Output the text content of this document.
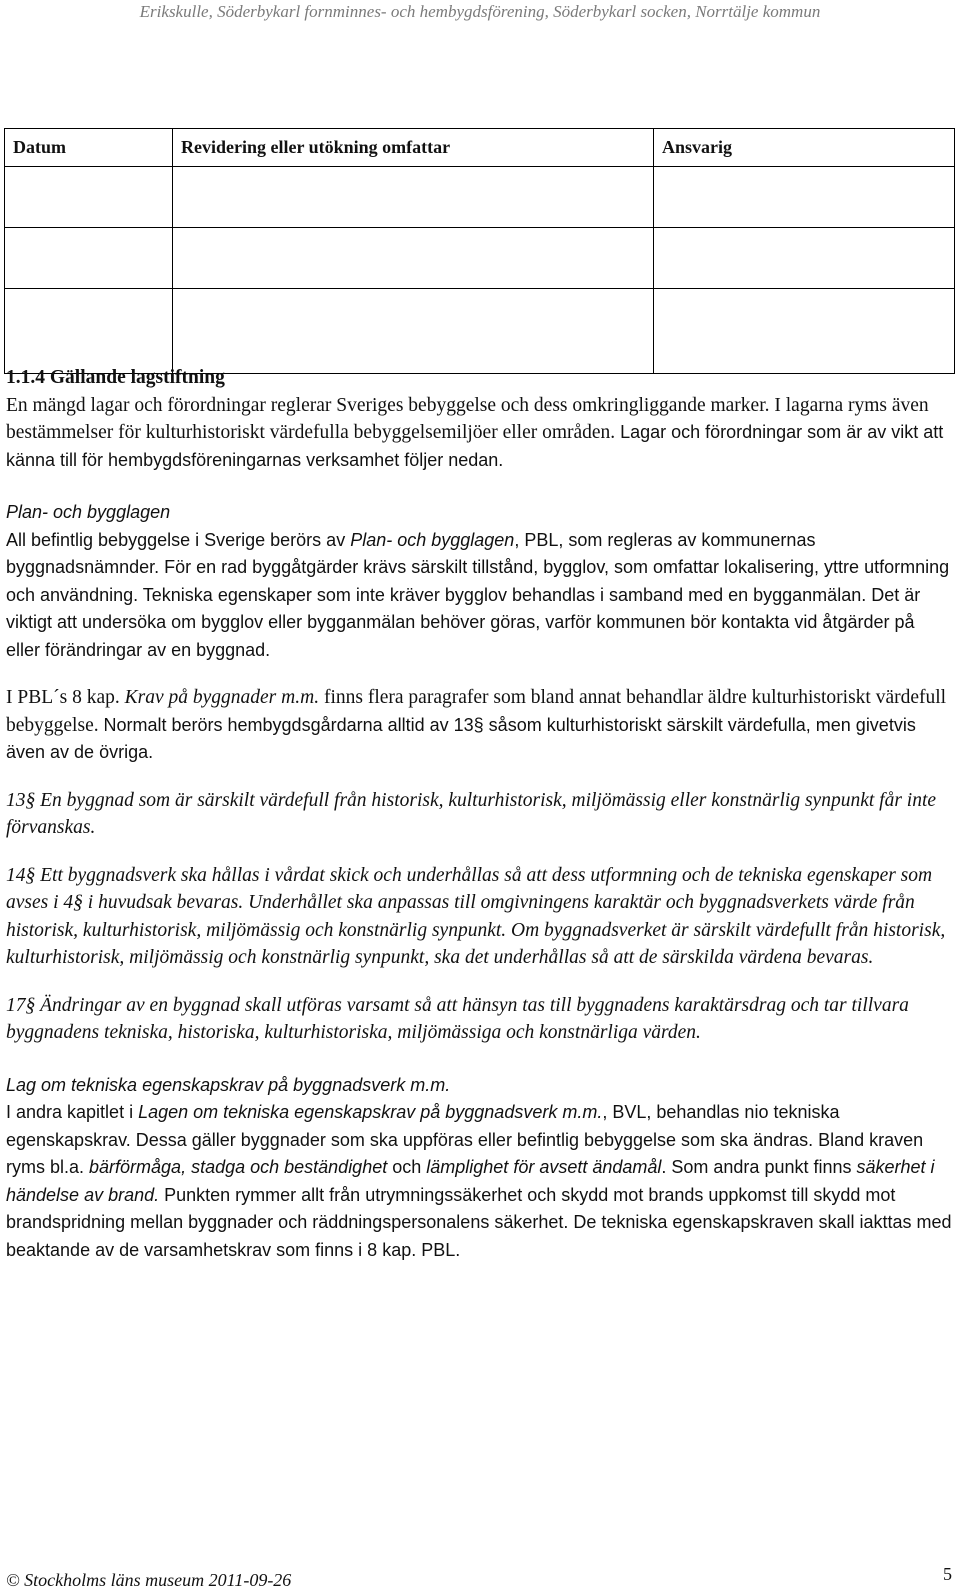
Erikskulle, Söderbykarl fornminnes- och hembygdsförening, Söderbykarl socken, Norrtälje kommun
Datum	Revidering eller utökning omfattar	Ansvarig

1.1.4 Gällande lagstiftning

En mängd lagar och förordningar reglerar Sveriges bebyggelse och dess omkringliggande marker. I lagarna ryms även bestämmelser för kulturhistoriskt värdefulla bebyggelsemiljöer eller områden. Lagar och förordningar som är av vikt att känna till för hembygdsföreningarnas verksamhet följer nedan.

Plan- och bygglagen

All befintlig bebyggelse i Sverige berörs av Plan- och bygglagen, PBL, som regleras av kommunernas byggnadsnämnder. För en rad byggåtgärder krävs särskilt tillstånd, bygglov, som omfattar lokalisering, yttre utformning och användning. Tekniska egenskaper som inte kräver bygglov behandlas i samband med en bygganmälan. Det är viktigt att undersöka om bygglov eller bygganmälan behöver göras, varför kommunen bör kontakta vid åtgärder på eller förändringar av en byggnad.

I PBL´s 8 kap. Krav på byggnader m.m. finns flera paragrafer som bland annat behandlar äldre kulturhistoriskt värdefull bebyggelse. Normalt berörs hembygdsgårdarna alltid av 13§ såsom kulturhistoriskt särskilt värdefulla, men givetvis även av de övriga.

13§ En byggnad som är särskilt värdefull från historisk, kulturhistorisk, miljömässig eller konstnärlig synpunkt får inte förvanskas.

14§ Ett byggnadsverk ska hållas i vårdat skick och underhållas så att dess utformning och de tekniska egenskaper som avses i 4§ i huvudsak bevaras. Underhållet ska anpassas till omgivningens karaktär och byggnadsverkets värde från historisk, kulturhistorisk, miljömässig och konstnärlig synpunkt. Om byggnadsverket är särskilt värdefullt från historisk, kulturhistorisk, miljömässig och konstnärlig synpunkt, ska det underhållas så att de särskilda värdena bevaras.

17§ Ändringar av en byggnad skall utföras varsamt så att hänsyn tas till byggnadens karaktärsdrag och tar tillvara byggnadens tekniska, historiska, kulturhistoriska, miljömässiga och konstnärliga värden.

Lag om tekniska egenskapskrav på byggnadsverk m.m.

I andra kapitlet i Lagen om tekniska egenskapskrav på byggnadsverk m.m., BVL, behandlas nio tekniska egenskapskrav. Dessa gäller byggnader som ska uppföras eller befintlig bebyggelse som ska ändras. Bland kraven ryms bl.a. bärförmåga, stadga och beständighet och lämplighet för avsett ändamål. Som andra punkt finns säkerhet i händelse av brand. Punkten rymmer allt från utrymningssäkerhet och skydd mot brands uppkomst till skydd mot brandspridning mellan byggnader och räddningspersonalens säkerhet. De tekniska egenskapskraven skall iakttas med beaktande av de varsamhetskrav som finns i 8 kap. PBL.

© Stockholms läns museum 2011-09-26	5
